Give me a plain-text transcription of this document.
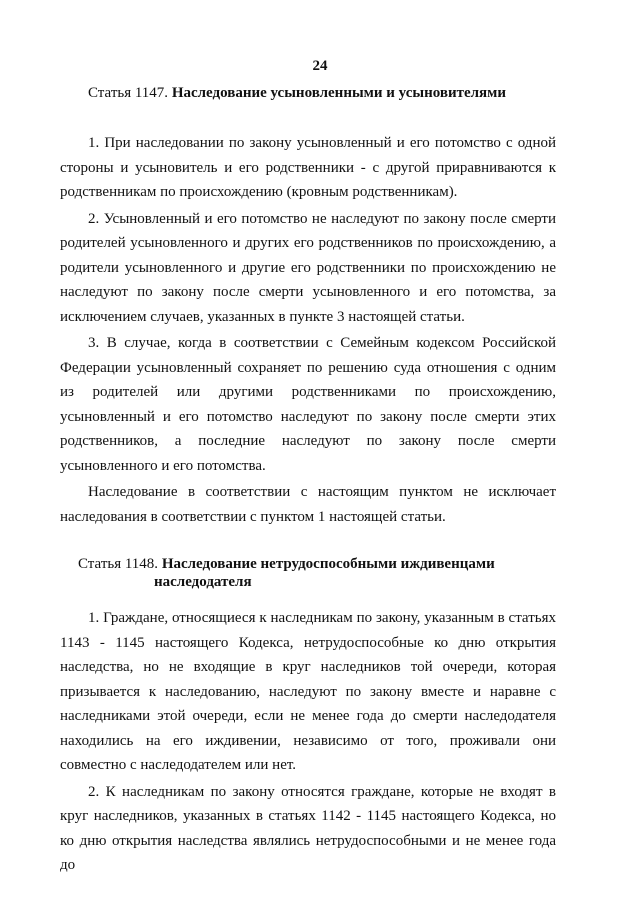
24
Статья 1147. Наследование усыновленными и усыновителями

1. При наследовании по закону усыновленный и его потомство с одной стороны и усыновитель и его родственники - с другой приравниваются к родственникам по происхождению (кровным родственникам).

2. Усыновленный и его потомство не наследуют по закону после смерти родителей усыновленного и других его родственников по происхождению, а родители усыновленного и другие его родственники по происхождению не наследуют по закону после смерти усыновленного и его потомства, за исключением случаев, указанных в пункте 3 настоящей статьи.

3. В случае, когда в соответствии с Семейным кодексом Российской Федерации усыновленный сохраняет по решению суда отношения с одним из родителей или другими родственниками по происхождению, усыновленный и его потомство наследуют по закону после смерти этих родственников, а последние наследуют по закону после смерти усыновленного и его потомства.

Наследование в соответствии с настоящим пунктом не исключает наследования в соответствии с пунктом 1 настоящей статьи.

Статья 1148. Наследование нетрудоспособными иждивенцами
наследодателя

1. Граждане, относящиеся к наследникам по закону, указанным в статьях 1143 - 1145 настоящего Кодекса, нетрудоспособные ко дню открытия наследства, но не входящие в круг наследников той очереди, которая призывается к наследованию, наследуют по закону вместе и наравне с наследниками этой очереди, если не менее года до смерти наследодателя находились на его иждивении, независимо от того, проживали они совместно с наследодателем или нет.

2. К наследникам по закону относятся граждане, которые не входят в круг наследников, указанных в статьях 1142 - 1145 настоящего Кодекса, но ко дню открытия наследства являлись нетрудоспособными и не менее года до
